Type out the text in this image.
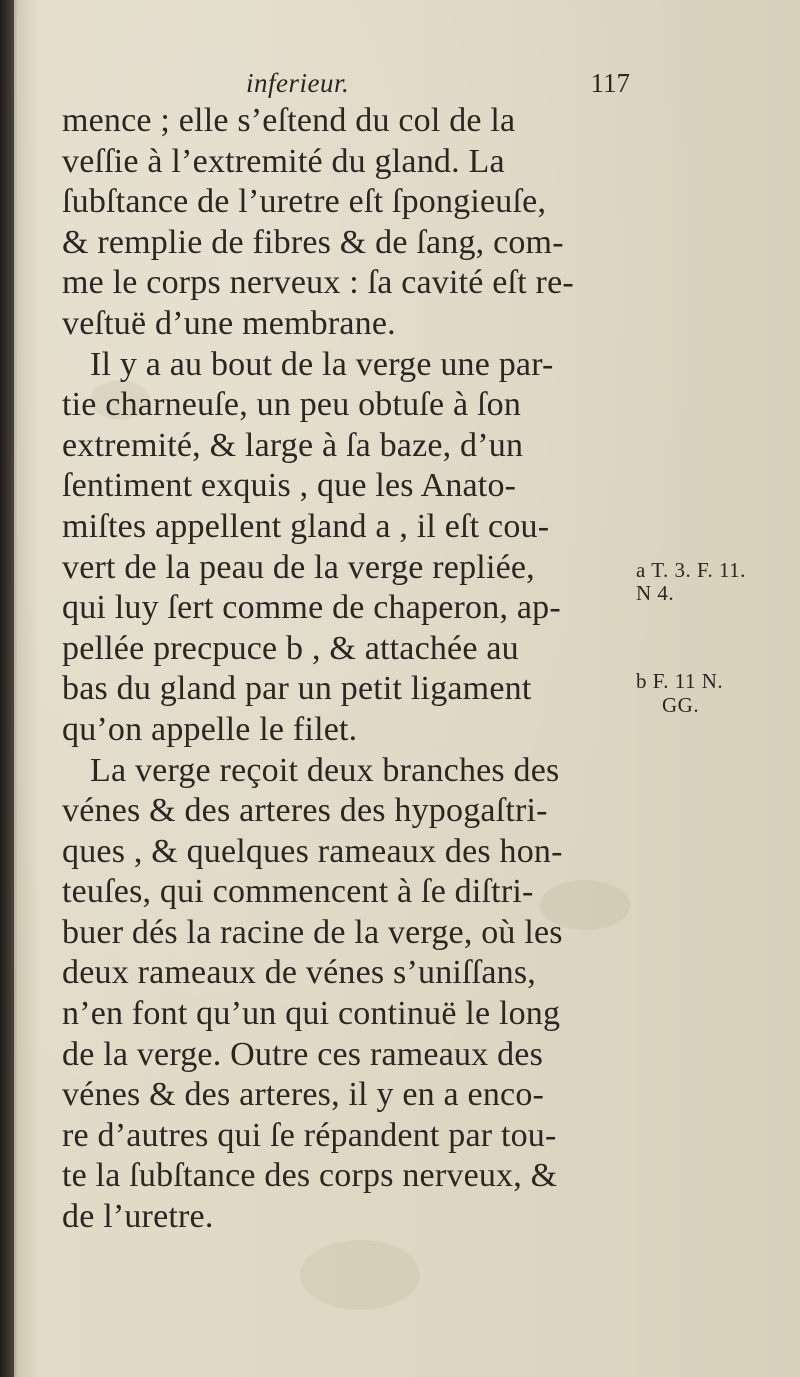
inferieur.	117
mence ; elle s’eſtend du col de la
veſſie à l’extremité du gland. La
ſubſtance de l’uretre eſt ſpongieuſe,
& remplie de fibres & de ſang, com-
me le corps nerveux : ſa cavité eſt re-
veſtuë d’une membrane.
Il y a au bout de la verge une par-
tie charneuſe, un peu obtuſe à ſon
extremité, & large à ſa baze, d’un
ſentiment exquis , que les Anato-
miſtes appellent gland a , il eſt cou-
vert de la peau de la verge repliée,
qui luy ſert comme de chaperon, ap-
pellée precpuce b , & attachée au
bas du gland par un petit ligament
qu’on appelle le filet.
La verge reçoit deux branches des
vénes & des arteres des hypogaſtri-
ques , & quelques rameaux des hon-
teuſes, qui commencent à ſe diſtri-
buer dés la racine de la verge, où les
deux rameaux de vénes s’uniſſans,
n’en font qu’un qui continuë le long
de la verge. Outre ces rameaux des
vénes & des arteres, il y en a enco-
re d’autres qui ſe répandent par tou-
te la ſubſtance des corps nerveux, &
de l’uretre.
a T. 3. F. 11.
N 4.
b F. 11 N.
GG.
